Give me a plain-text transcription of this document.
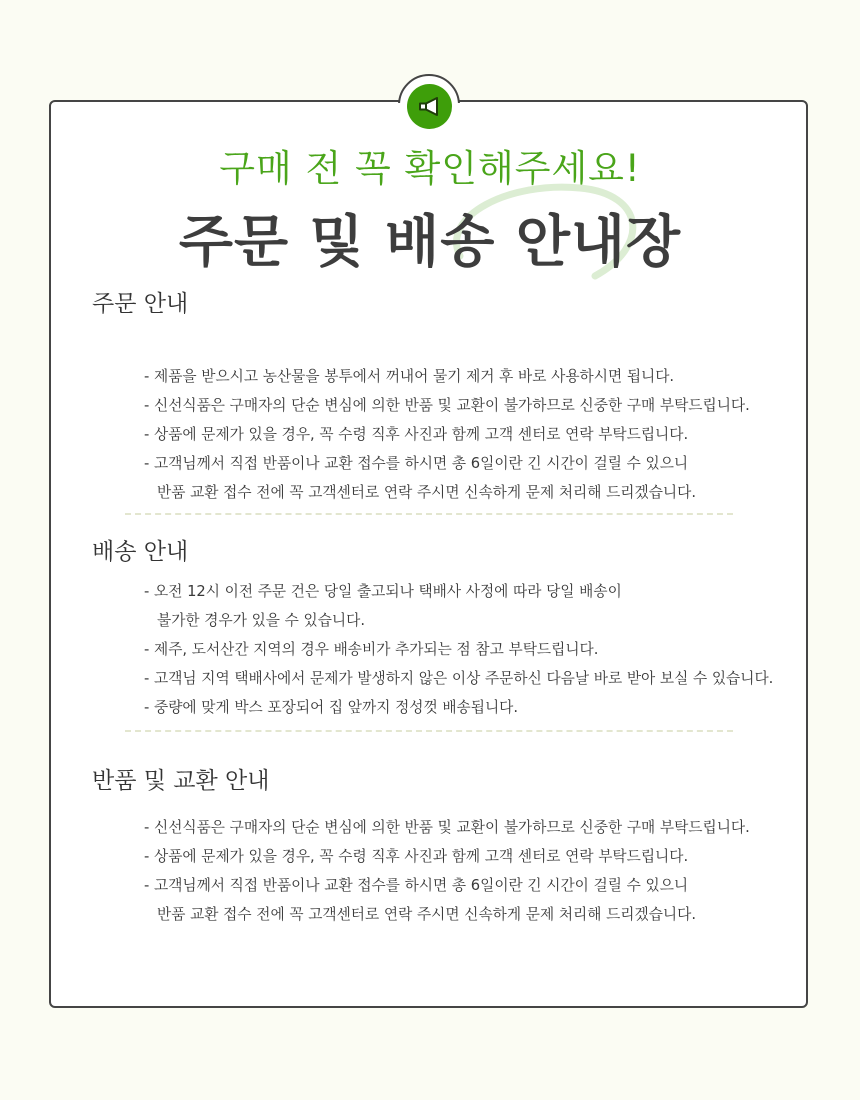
구매 전 꼭 확인해주세요!
주문 및 배송 안내장
주문 안내
- 제품을 받으시고 농산물을 봉투에서 꺼내어 물기 제거 후 바로 사용하시면 됩니다.
- 신선식품은 구매자의 단순 변심에 의한 반품 및 교환이 불가하므로 신중한 구매 부탁드립니다.
- 상품에 문제가 있을 경우, 꼭 수령 직후 사진과 함께 고객 센터로 연락 부탁드립니다.
- 고객님께서 직접 반품이나 교환 접수를 하시면 총 6일이란 긴 시간이 걸릴 수 있으니
반품 교환 접수 전에 꼭 고객센터로 연락 주시면 신속하게 문제 처리해 드리겠습니다.
배송 안내
- 오전 12시 이전 주문 건은 당일 출고되나 택배사 사정에 따라 당일 배송이
불가한 경우가 있을 수 있습니다.
- 제주, 도서산간 지역의 경우 배송비가 추가되는 점 참고 부탁드립니다.
- 고객님 지역 택배사에서 문제가 발생하지 않은 이상 주문하신 다음날 바로 받아 보실 수 있습니다.
- 중량에 맞게 박스 포장되어 집 앞까지 정성껏 배송됩니다.
반품 및 교환 안내
- 신선식품은 구매자의 단순 변심에 의한 반품 및 교환이 불가하므로 신중한 구매 부탁드립니다.
- 상품에 문제가 있을 경우, 꼭 수령 직후 사진과 함께 고객 센터로 연락 부탁드립니다.
- 고객님께서 직접 반품이나 교환 접수를 하시면 총 6일이란 긴 시간이 걸릴 수 있으니
반품 교환 접수 전에 꼭 고객센터로 연락 주시면 신속하게 문제 처리해 드리겠습니다.
